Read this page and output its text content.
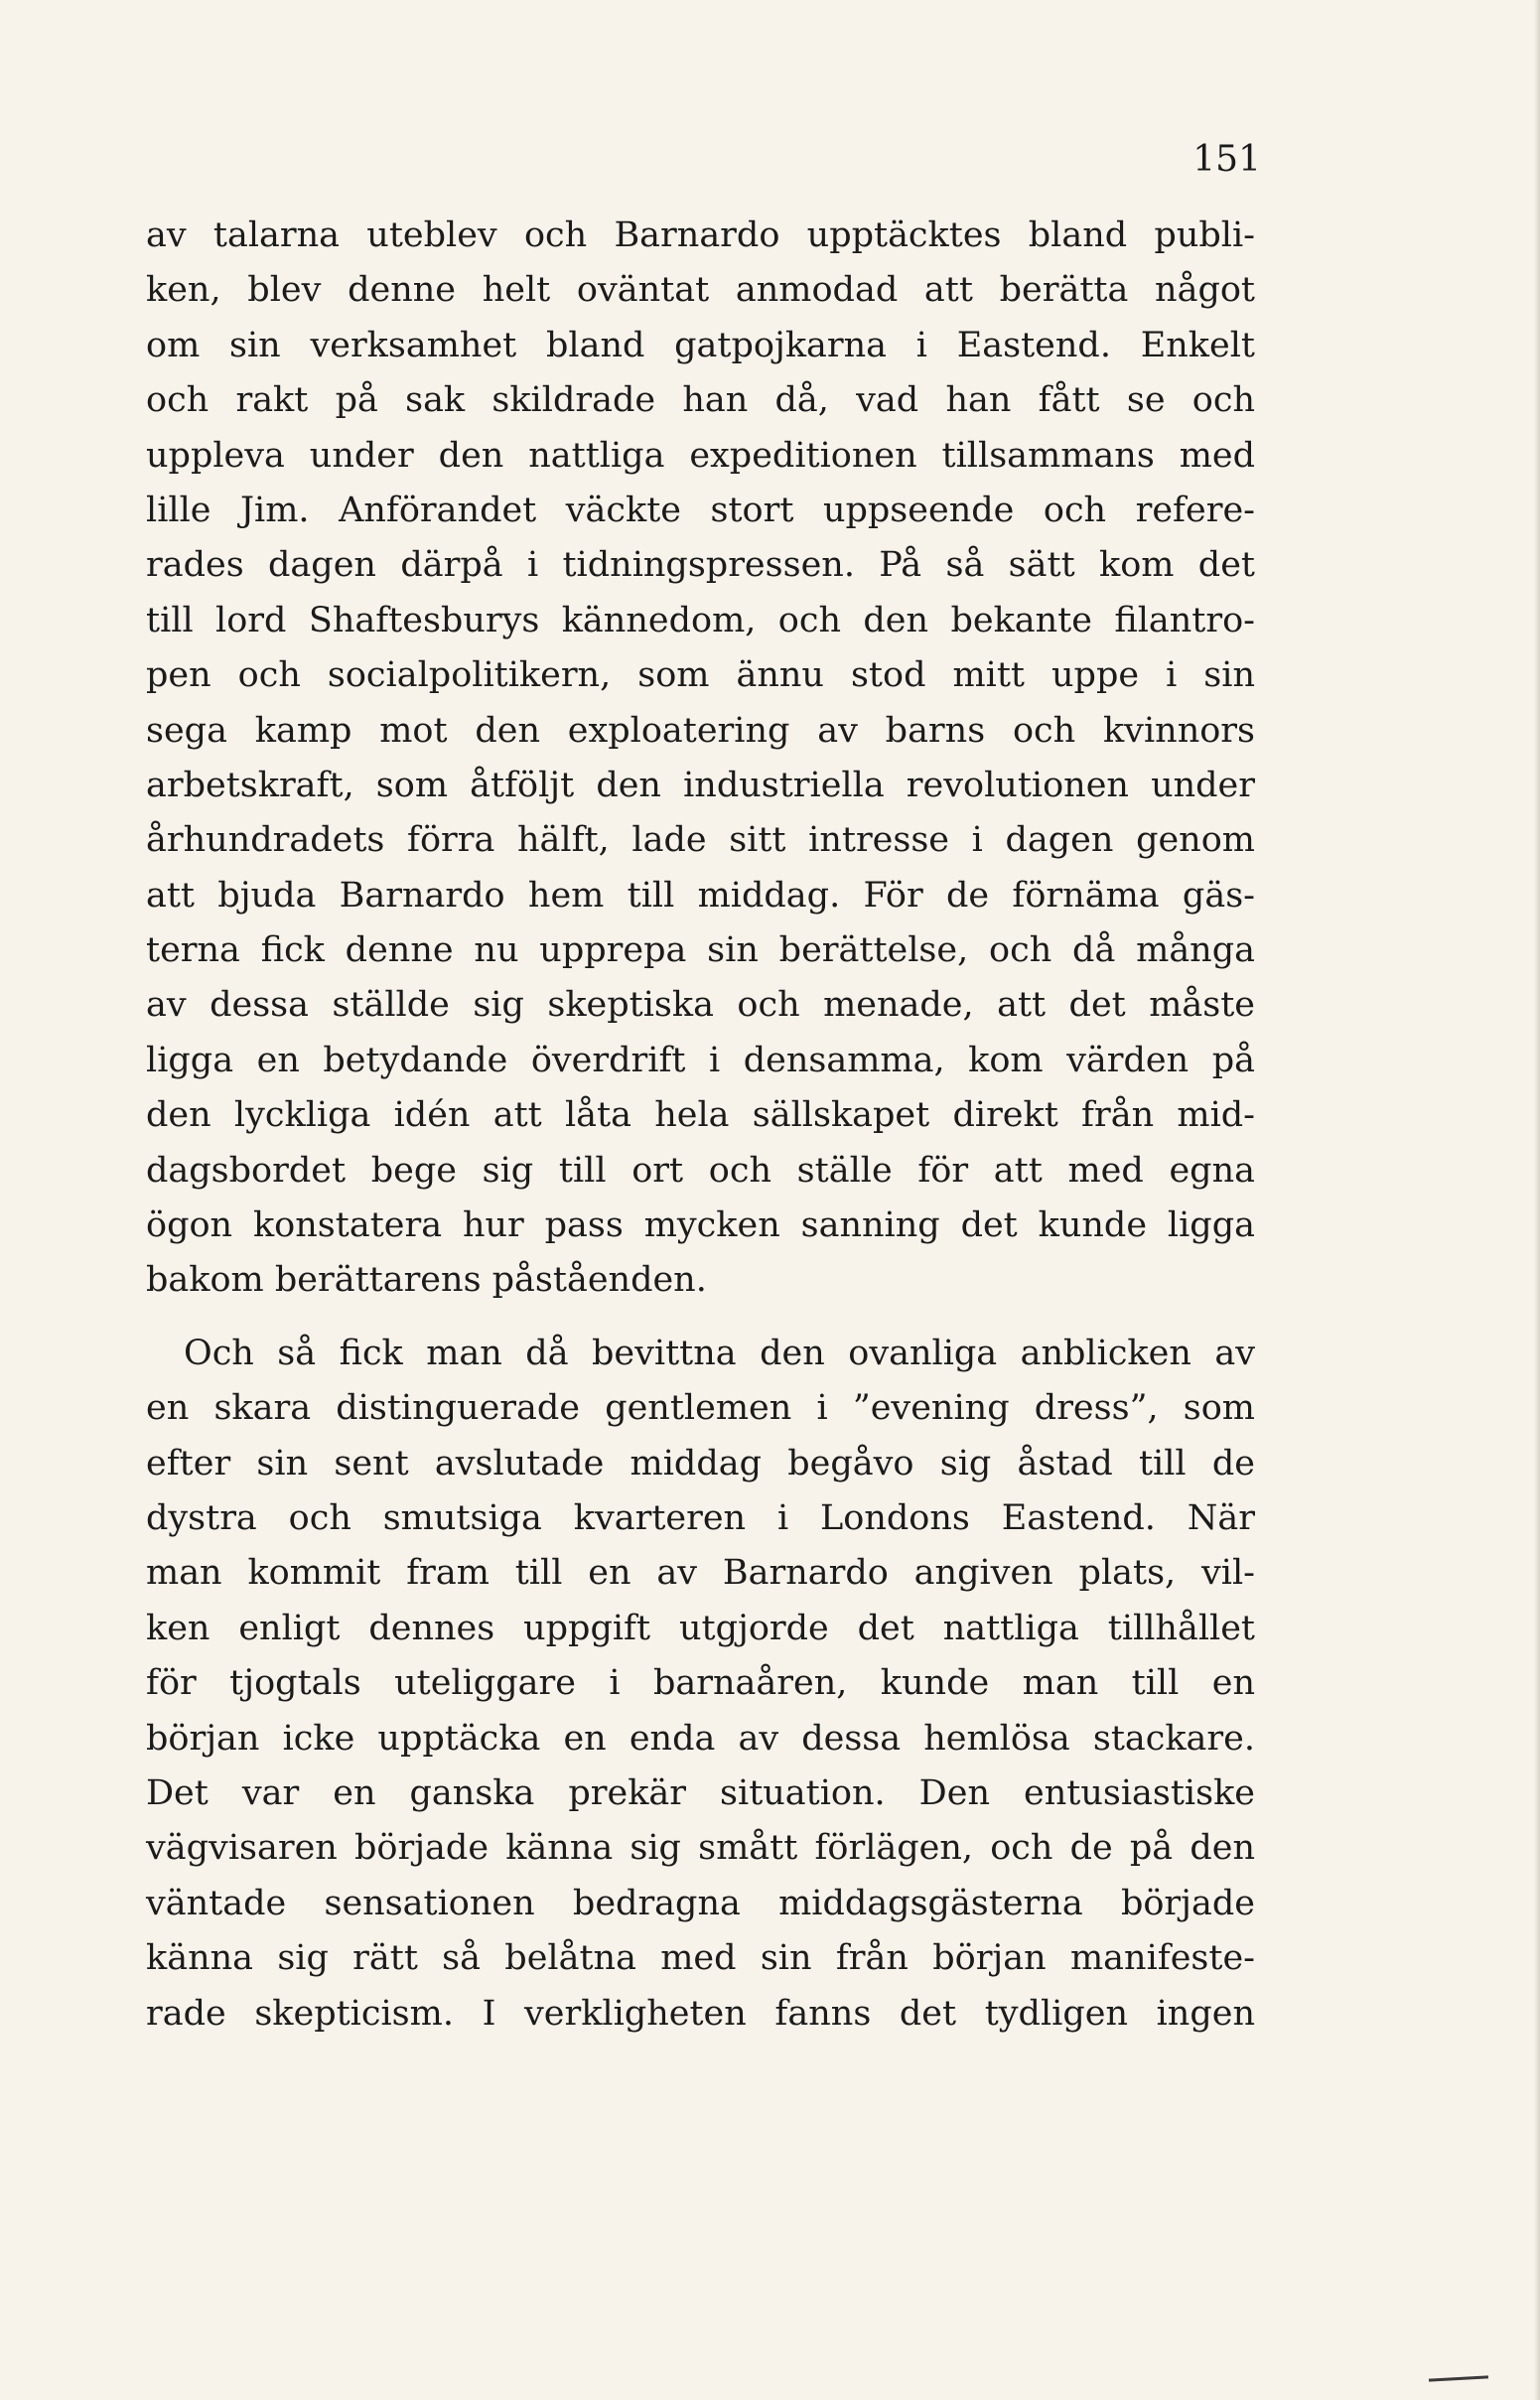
151
av talarna uteblev och Barnardo upptäcktes bland publi-
ken, blev denne helt oväntat anmodad att berätta något
om sin verksamhet bland gatpojkarna i Eastend. Enkelt
och rakt på sak skildrade han då, vad han fått se och
uppleva under den nattliga expeditionen tillsammans med
lille Jim. Anförandet väckte stort uppseende och refere-
rades dagen därpå i tidningspressen. På så sätt kom det
till lord Shaftesburys kännedom, och den bekante filantro-
pen och socialpolitikern, som ännu stod mitt uppe i sin
sega kamp mot den exploatering av barns och kvinnors
arbetskraft, som åtföljt den industriella revolutionen under
århundradets förra hälft, lade sitt intresse i dagen genom
att bjuda Barnardo hem till middag. För de förnäma gäs-
terna fick denne nu upprepa sin berättelse, och då många
av dessa ställde sig skeptiska och menade, att det måste
ligga en betydande överdrift i densamma, kom värden på
den lyckliga idén att låta hela sällskapet direkt från mid-
dagsbordet bege sig till ort och ställe för att med egna
ögon konstatera hur pass mycken sanning det kunde ligga
bakom berättarens påståenden.
Och så fick man då bevittna den ovanliga anblicken av
en skara distinguerade gentlemen i ”evening dress”, som
efter sin sent avslutade middag begåvo sig åstad till de
dystra och smutsiga kvarteren i Londons Eastend. När
man kommit fram till en av Barnardo angiven plats, vil-
ken enligt dennes uppgift utgjorde det nattliga tillhållet
för tjogtals uteliggare i barnaåren, kunde man till en
början icke upptäcka en enda av dessa hemlösa stackare.
Det var en ganska prekär situation. Den entusiastiske
vägvisaren började känna sig smått förlägen, och de på den
väntade sensationen bedragna middagsgästerna började
känna sig rätt så belåtna med sin från början manifeste-
rade skepticism. I verkligheten fanns det tydligen ingen
